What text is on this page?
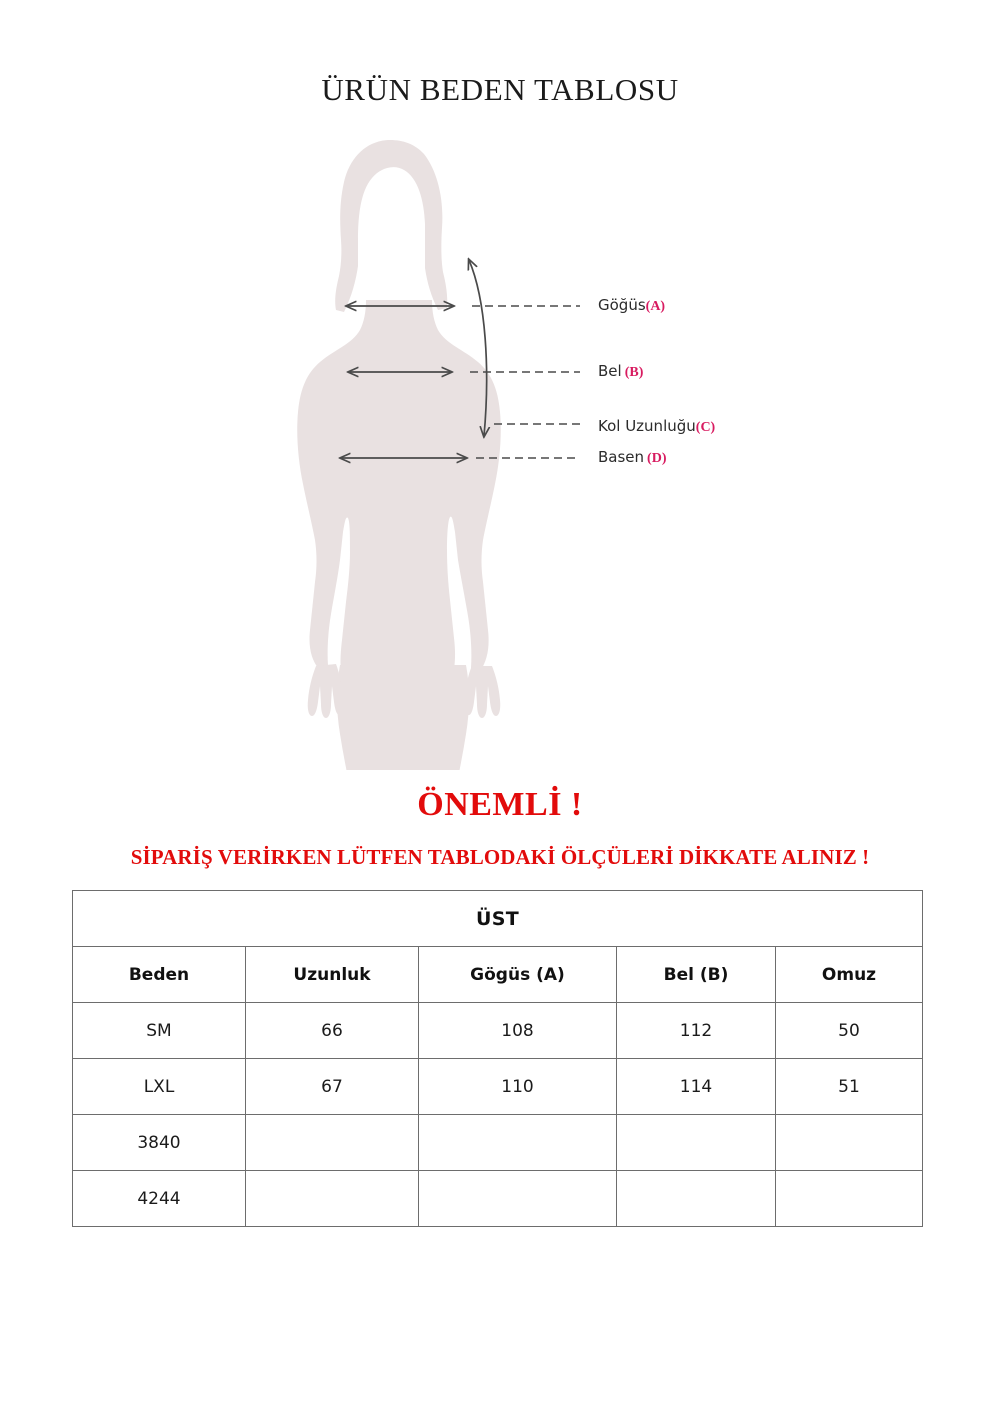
ÜRÜN BEDEN TABLOSU
Göğüs(A)
Bel (B)
Kol Uzunluğu(C)
Basen (D)
ÖNEMLİ !
SİPARİŞ VERİRKEN LÜTFEN TABLODAKİ ÖLÇÜLERİ DİKKATE ALINIZ !
ÜST				
Beden	Uzunluk	Gögüs (A)	Bel (B)	Omuz
SM	66	108	112	50
LXL	67	110	114	51
3840				
4244				
